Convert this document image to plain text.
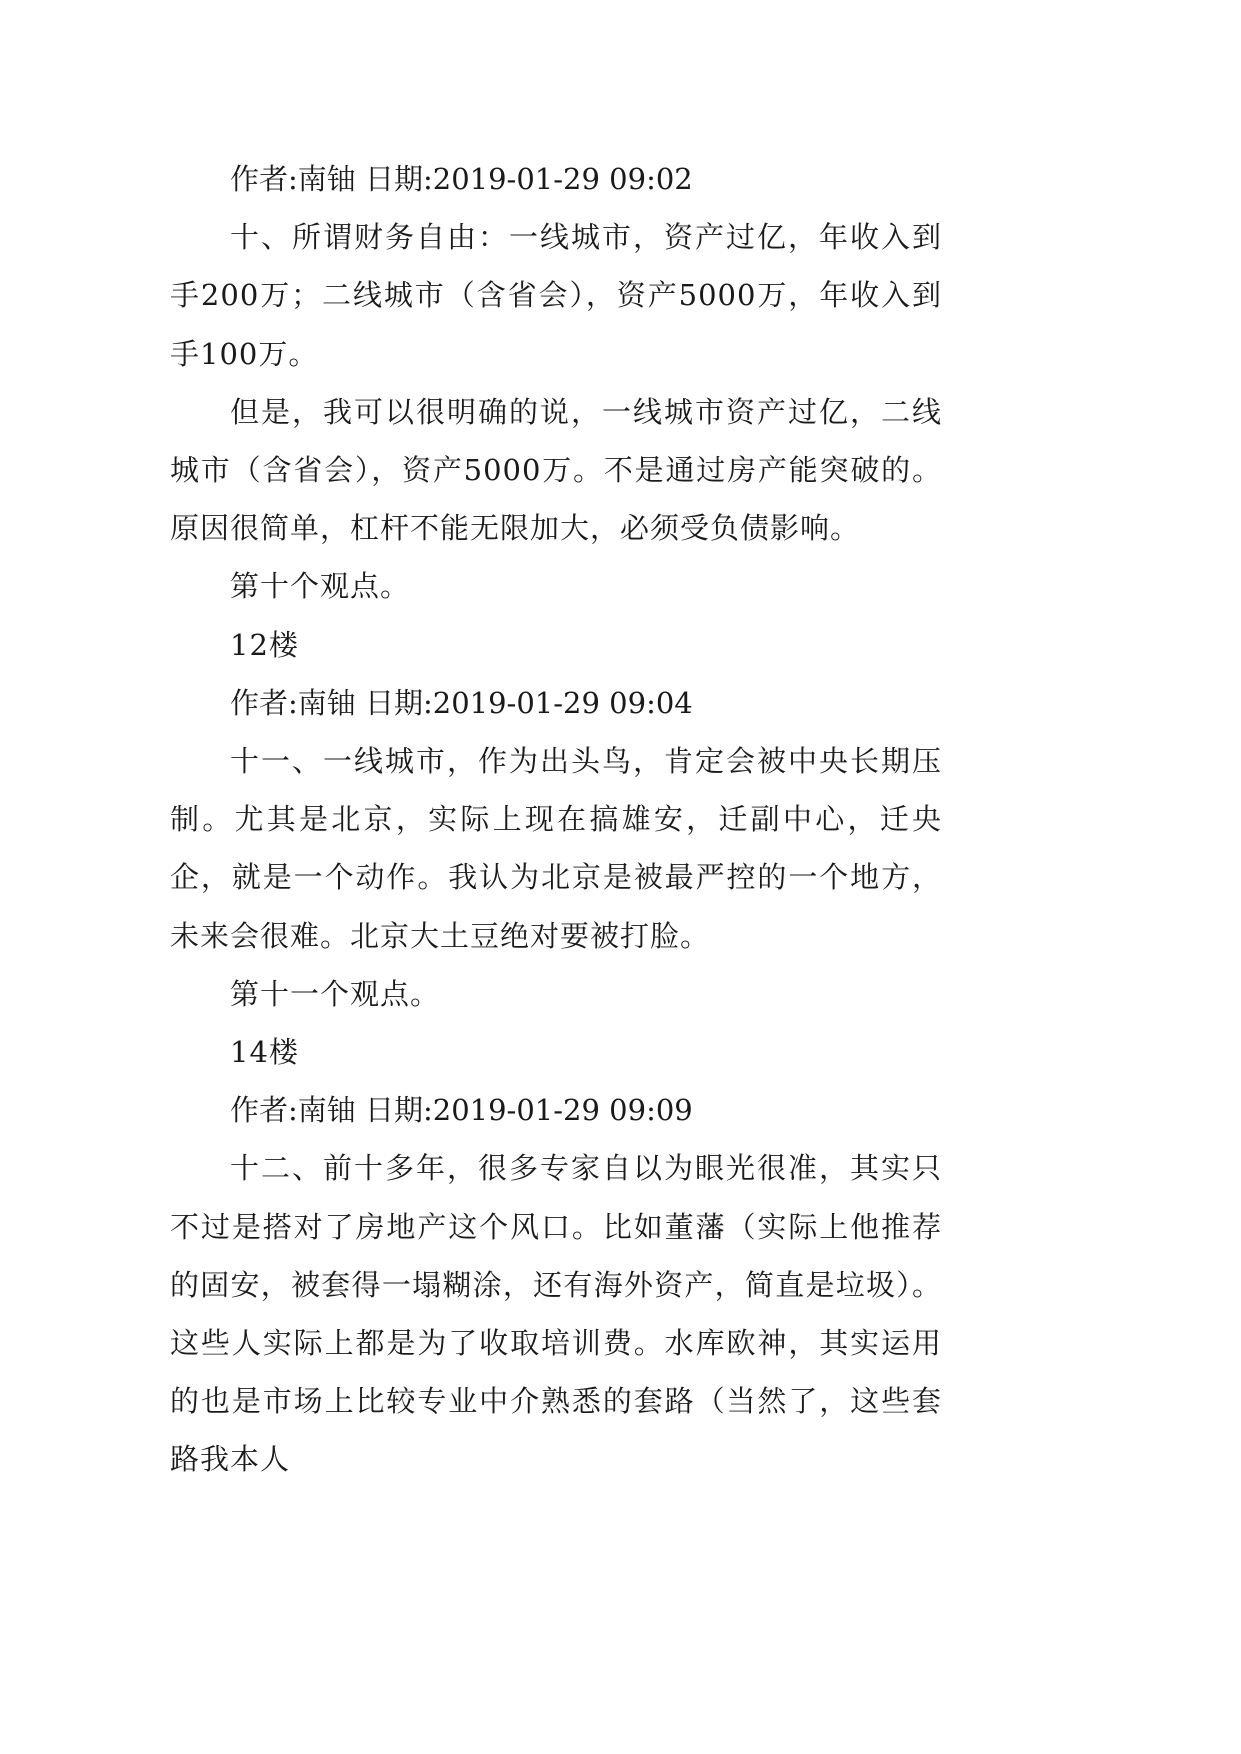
作者:南铀 日期:2019-01-29 09:02

十、所谓财务自由：一线城市，资产过亿，年收入到手200万；二线城市（含省会），资产5000万，年收入到手100万。

但是，我可以很明确的说，一线城市资产过亿，二线城市（含省会），资产5000万。不是通过房产能突破的。原因很简单，杠杆不能无限加大，必须受负债影响。

第十个观点。

12楼

作者:南铀 日期:2019-01-29 09:04

十一、一线城市，作为出头鸟，肯定会被中央长期压制。尤其是北京，实际上现在搞雄安，迁副中心，迁央企，就是一个动作。我认为北京是被最严控的一个地方，未来会很难。北京大土豆绝对要被打脸。

第十一个观点。

14楼

作者:南铀 日期:2019-01-29 09:09

十二、前十多年，很多专家自以为眼光很准，其实只不过是搭对了房地产这个风口。比如董藩（实际上他推荐的固安，被套得一塌糊涂，还有海外资产，简直是垃圾）。这些人实际上都是为了收取培训费。水库欧神，其实运用的也是市场上比较专业中介熟悉的套路（当然了，这些套路我本人
